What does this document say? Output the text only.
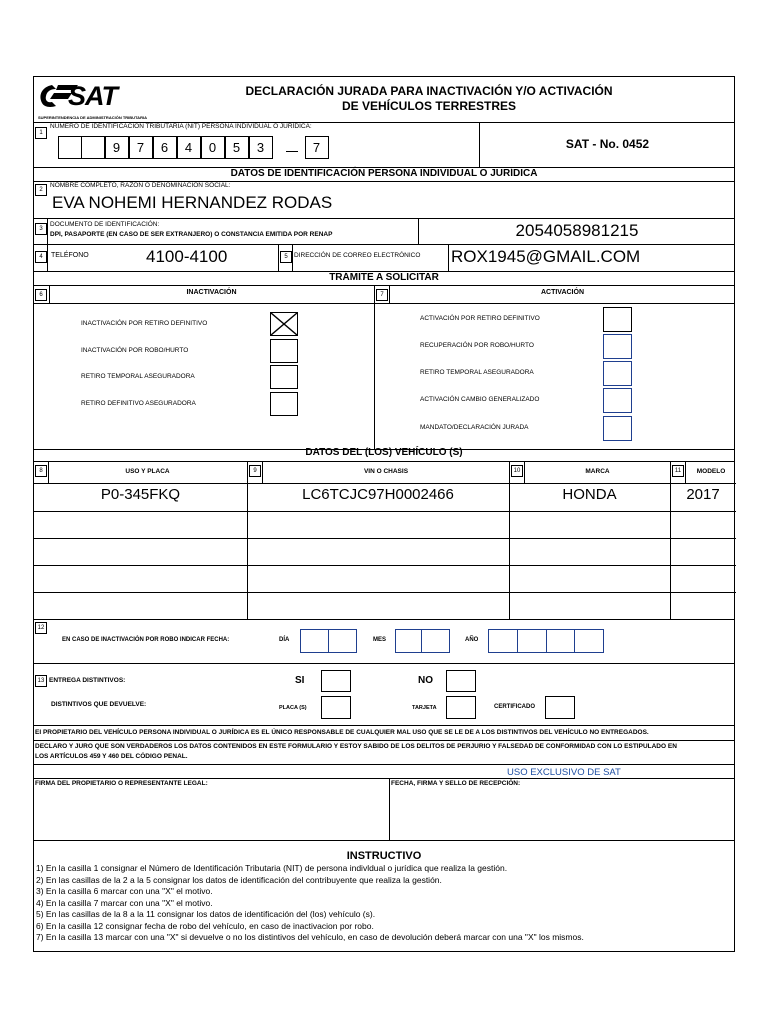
SAT
SUPERINTENDENCIA DE ADMINISTRACIÓN TRIBUTARIA
DECLARACIÓN JURADA PARA INACTIVACIÓN Y/O ACTIVACIÓN
DE VEHÍCULOS TERRESTRES
1
NÚMERO DE IDENTIFICACIÓN TRIBUTARIA (NIT) PERSONA INDIVIDUAL O JURÍDICA:
9	7	6	4	0	5	3	7	SAT - No. 0452
DATOS DE IDENTIFICACIÓN PERSONA INDIVIDUAL O JURÍDICA
2
NOMBRE COMPLETO, RAZÓN O DENOMINACIÓN SOCIAL:
EVA NOHEMI HERNANDEZ RODAS
3
DOCUMENTO DE IDENTIFICACIÓN:
DPI, PASAPORTE (EN CASO DE SER EXTRANJERO) O CONSTANCIA EMITIDA POR RENAP	2054058981215
4	TELÉFONO	4100-4100	5 DIRECCIÓN DE CORREO ELECTRÓNICO ROX1945@GMAIL.COM
TRÁMITE A SOLICITAR
6	INACTIVACIÓN	7	ACTIVACIÓN
INACTIVACIÓN POR RETIRO DEFINITIVO
INACTIVACIÓN POR ROBO/HURTO
RETIRO TEMPORAL ASEGURADORA
RETIRO DEFINITIVO ASEGURADORA
ACTIVACIÓN POR RETIRO DEFINITIVO
RECUPERACIÓN POR ROBO/HURTO
RETIRO TEMPORAL ASEGURADORA
ACTIVACIÓN CAMBIO GENERALIZADO
MANDATO/DECLARACIÓN JURADA
DATOS DEL (LOS) VEHÍCULO (S)
8	USO Y PLACA	9	VIN O CHASIS	10	MARCA	11	MODELO
P0-345FKQ	LC6TCJC97H0002466	HONDA	2017
12
EN CASO DE INACTIVACIÓN POR ROBO INDICAR FECHA:	DÍA	MES	AÑO
13 ENTREGA DISTINTIVOS:	SI	NO
DISTINTIVOS QUE DEVUELVE:	PLACA (S)	TARJETA	CERTIFICADO
EI PROPIETARIO DEL VEHÍCULO PERSONA INDIVIDUAL O JURÍDICA ES EL ÚNICO RESPONSABLE DE CUALQUIER MAL USO QUE SE LE DE A LOS DISTINTIVOS DEL VEHÍCULO NO ENTREGADOS.
DECLARO Y JURO QUE SON VERDADEROS LOS DATOS CONTENIDOS EN ESTE FORMULARIO Y ESTOY SABIDO DE LOS DELITOS DE PERJURIO Y FALSEDAD DE CONFORMIDAD CON LO ESTIPULADO EN
LOS ARTÍCULOS 459 Y 460 DEL CÓDIGO PENAL.
USO EXCLUSIVO DE SAT
FIRMA DEL PROPIETARIO O REPRESENTANTE LEGAL:	FECHA, FIRMA Y SELLO DE RECEPCIÓN:
INSTRUCTIVO
1) En la casilla 1 consignar el Número de Identificación Tributaria (NIT) de persona indivldual o jurídica que realiza la gestión.
2) En las casillas de la 2 a la 5 consignar los datos de identificación del contribuyente que realiza la gestión.
3) En la casilla 6 marcar con una "X" el motivo.
4) En la casilla 7 marcar con una "X" el motivo.
5) En las casillas de la 8 a la 11 consignar los datos de identificación del (los) vehículo (s).
6) En la casilla 12 consignar fecha de robo del vehículo, en caso de inactivacion por robo.
7) En la casilla 13 marcar con una "X" si devuelve o no los distintivos del vehículo, en caso de devolución deberá marcar con una "X" los mismos.
